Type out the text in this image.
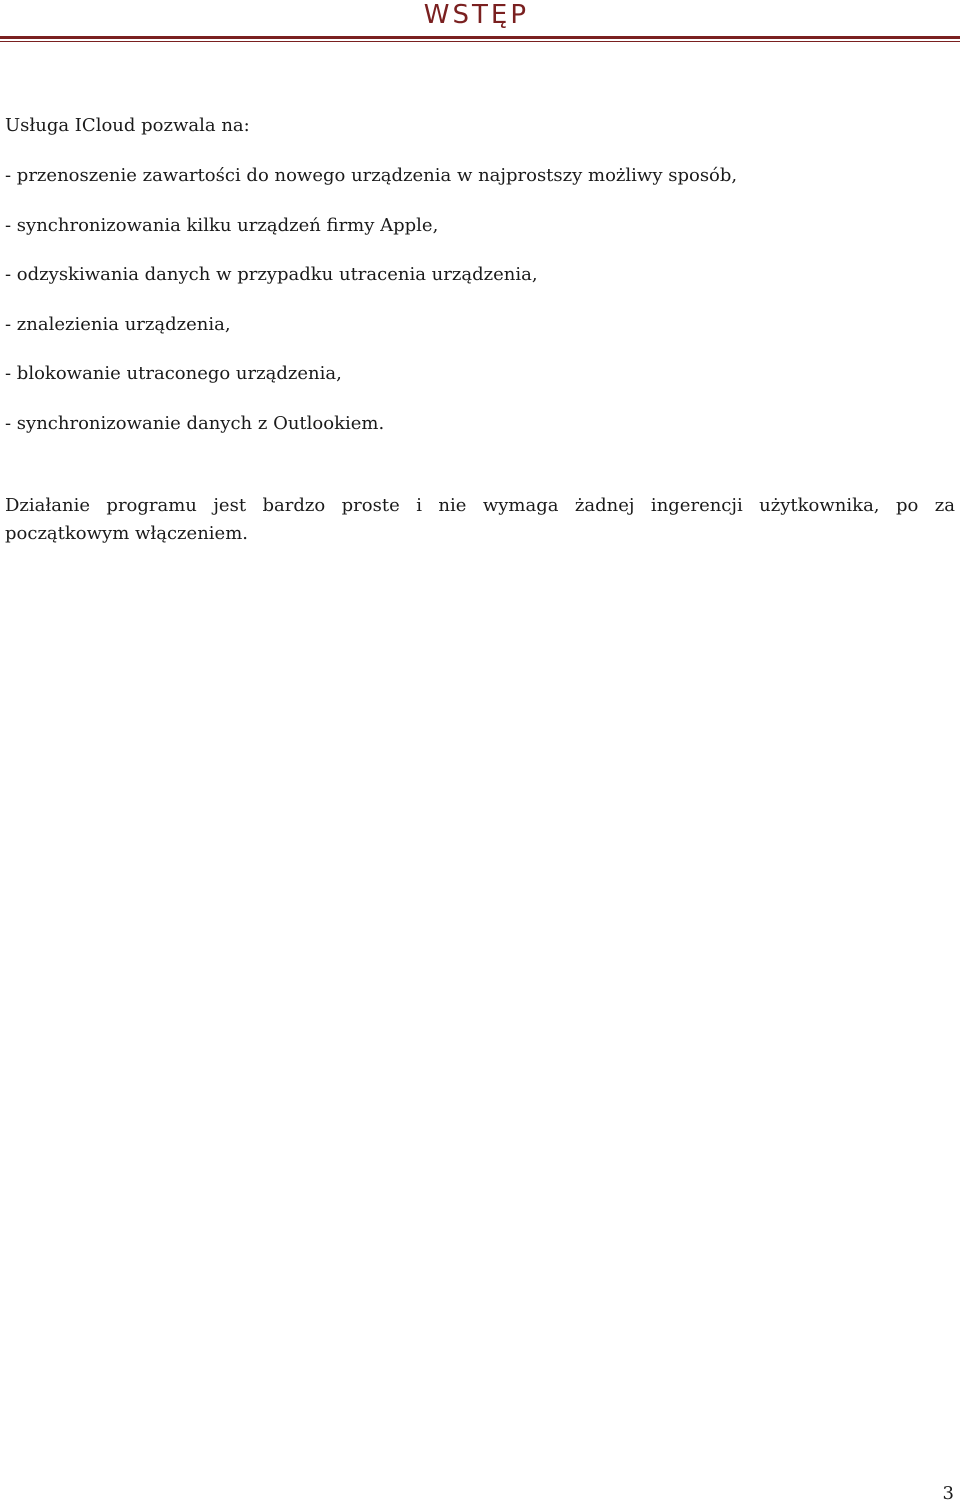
WSTĘP

Usługa ICloud pozwala na:

- przenoszenie zawartości do nowego urządzenia w najprostszy możliwy sposób,
- synchronizowania kilku urządzeń firmy Apple,
- odzyskiwania danych w przypadku utracenia urządzenia,
- znalezienia urządzenia,
- blokowanie utraconego urządzenia,
- synchronizowanie danych z Outlookiem.

Działanie programu jest bardzo proste i nie wymaga żadnej ingerencji użytkownika, po za początkowym włączeniem.

3
